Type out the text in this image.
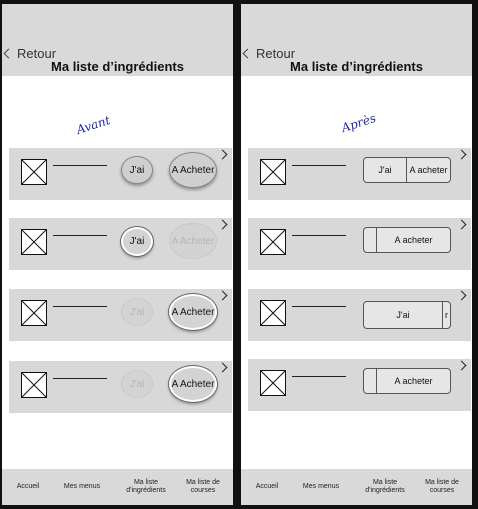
Retour
Ma liste d’ingrédients
Avant
J'ai	A Acheter
J'ai	A Acheter
J'ai	A Acheter
J'ai	A Acheter
Accueil	Mes menus
Ma liste d'ingrédients
Ma liste de courses
Retour
Ma liste d’ingrédients
Après
J'ai	A acheter
A acheter
J'ai	r
A acheter
Accueil	Mes menus
Ma liste d'ingrédients
Ma liste de courses
